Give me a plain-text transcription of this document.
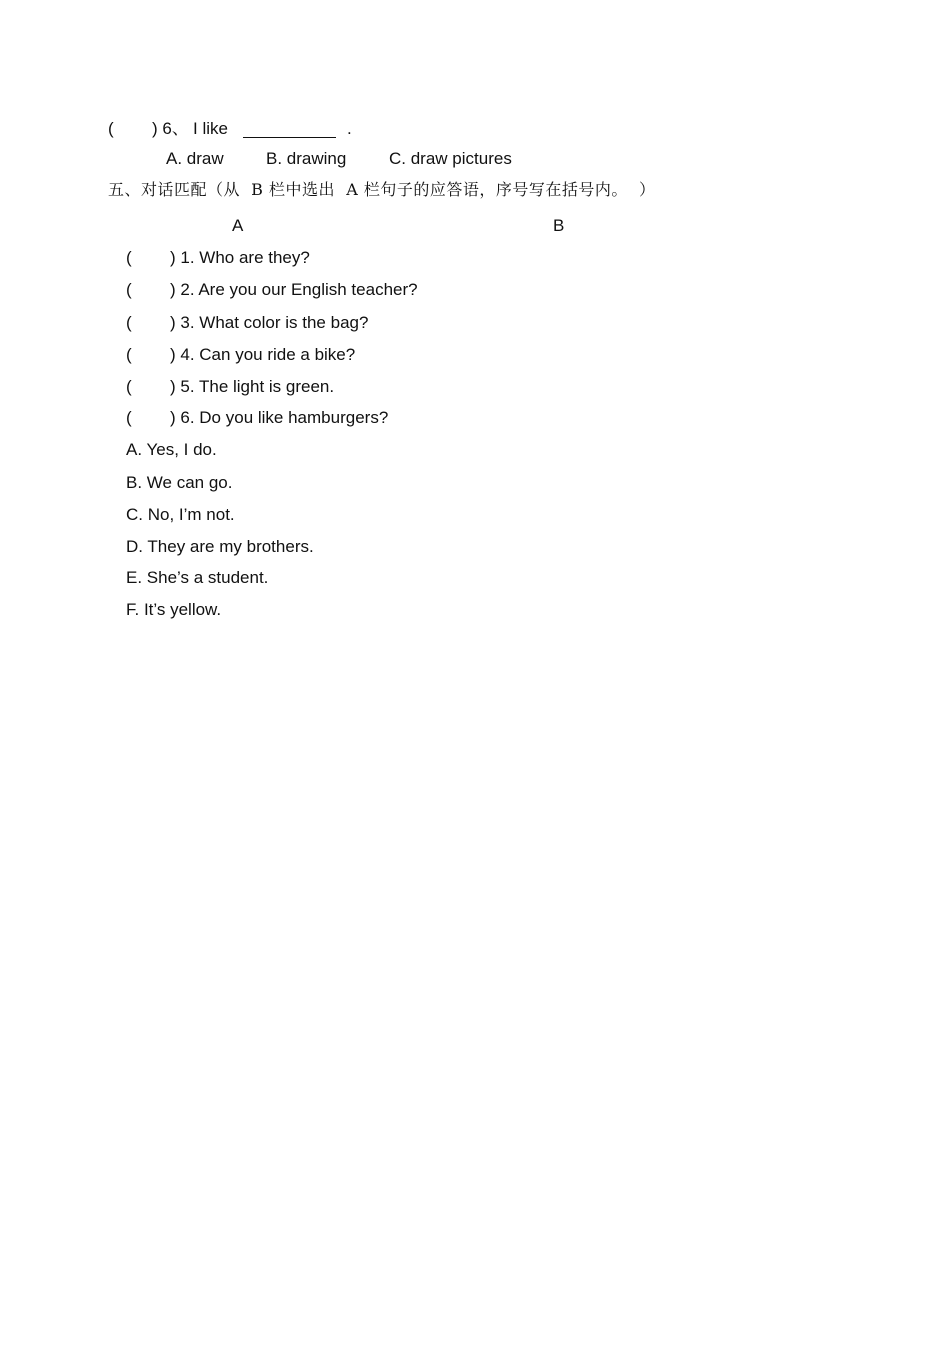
( ) 6、 I like	.
A. draw B. drawing	C. draw pictures
五、对话匹配（从  B 栏中选出  A 栏句子的应答语，序号写在括号内。  ）
A	B
( ) 1. Who are they?
( ) 2. Are you our English teacher?
( ) 3. What color is the bag?
( ) 4. Can you ride a bike?
( ) 5. The light is green.
( ) 6. Do you like hamburgers?
A. Yes, I do.
B. We can go.
C. No, I’m not.
D. They are my brothers.
E. She’s a student.
F. It’s yellow.
